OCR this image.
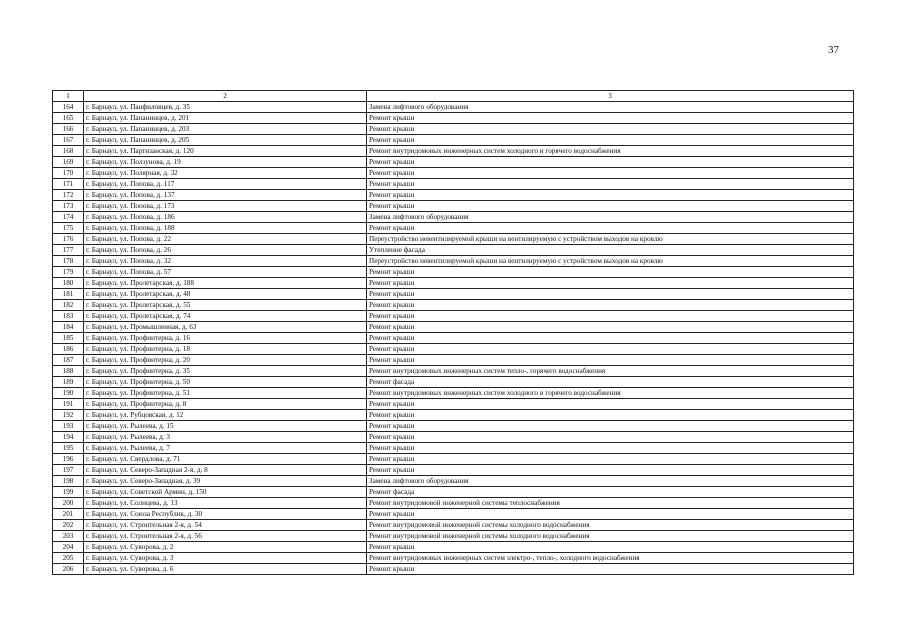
37
1	2	3
164	г. Барнаул, ул. Панфиловцев, д. 35	Замена лифтового оборудования
165	г. Барнаул, ул. Папанинцев, д. 201	Ремонт крыши
166	г. Барнаул, ул. Папанинцев, д. 203	Ремонт крыши
167	г. Барнаул, ул. Папанинцев, д. 205	Ремонт крыши
168	г. Барнаул, ул. Партизанская, д. 120	Ремонт внутридомовых инженерных систем холодного и горячего водоснабжения
169	г. Барнаул, ул. Ползунова, д. 19	Ремонт крыши
170	г. Барнаул, ул. Полярная, д. 32	Ремонт крыши
171	г. Барнаул, ул. Попова, д. 117	Ремонт крыши
172	г. Барнаул, ул. Попова, д. 137	Ремонт крыши
173	г. Барнаул, ул. Попова, д. 173	Ремонт крыши
174	г. Барнаул, ул. Попова, д. 186	Замена лифтового оборудования
175	г. Барнаул, ул. Попова, д. 188	Ремонт крыши
176	г. Барнаул, ул. Попова, д. 22	Переустройство невентилируемой крыши на вентилируемую с устройством выходов на кровлю
177	г. Барнаул, ул. Попова, д. 26	Утепление фасада
178	г. Барнаул, ул. Попова, д. 32	Переустройство невентилируемой крыши на вентилируемую с устройством выходов на кровлю
179	г. Барнаул, ул. Попова, д. 57	Ремонт крыши
180	г. Барнаул, ул. Пролетарская, д. 188	Ремонт крыши
181	г. Барнаул, ул. Пролетарская, д. 48	Ремонт крыши
182	г. Барнаул, ул. Пролетарская, д. 55	Ремонт крыши
183	г. Барнаул, ул. Пролетарская, д. 74	Ремонт крыши
184	г. Барнаул, ул. Промышленная, д. 63	Ремонт крыши
185	г. Барнаул, ул. Профинтерна, д. 16	Ремонт крыши
186	г. Барнаул, ул. Профинтерна, д. 18	Ремонт крыши
187	г. Барнаул, ул. Профинтерна, д. 20	Ремонт крыши
188	г. Барнаул, ул. Профинтерна, д. 35	Ремонт внутридомовых инженерных систем тепло-, горячего водоснабжения
189	г. Барнаул, ул. Профинтерна, д. 50	Ремонт фасада
190	г. Барнаул, ул. Профинтерна, д. 51	Ремонт внутридомовых инженерных систем холодного и горячего водоснабжения
191	г. Барнаул, ул. Профинтерна, д. 8	Ремонт крыши
192	г. Барнаул, ул. Рубцовская, д. 12	Ремонт крыши
193	г. Барнаул, ул. Рылеева, д. 15	Ремонт крыши
194	г. Барнаул, ул. Рылеева, д. 3	Ремонт крыши
195	г. Барнаул, ул. Рылеева, д. 7	Ремонт крыши
196	г. Барнаул, ул. Свердлова, д. 71	Ремонт крыши
197	г. Барнаул, ул. Северо-Западная 2-я, д. 8	Ремонт крыши
198	г. Барнаул, ул. Северо-Западная, д. 39	Замена лифтового оборудования
199	г. Барнаул, ул. Советской Армии, д. 150	Ремонт фасада
200	г. Барнаул, ул. Солнцева, д. 13	Ремонт внутридомовой инженерной системы теплоснабжения
201	г. Барнаул, ул. Союза Республик, д. 30	Ремонт крыши
202	г. Барнаул, ул. Строительная 2-я, д. 54	Ремонт внутридомовой инженерной системы холодного водоснабжения
203	г. Барнаул, ул. Строительная 2-я, д. 56	Ремонт внутридомовой инженерной системы холодного водоснабжения
204	г. Барнаул, ул. Суворова, д. 2	Ремонт крыши
205	г. Барнаул, ул. Суворова, д. 3	Ремонт внутридомовых инженерных систем электро-, тепло-, холодного водоснабжения
206	г. Барнаул, ул. Суворова, д. 6	Ремонт крыши
